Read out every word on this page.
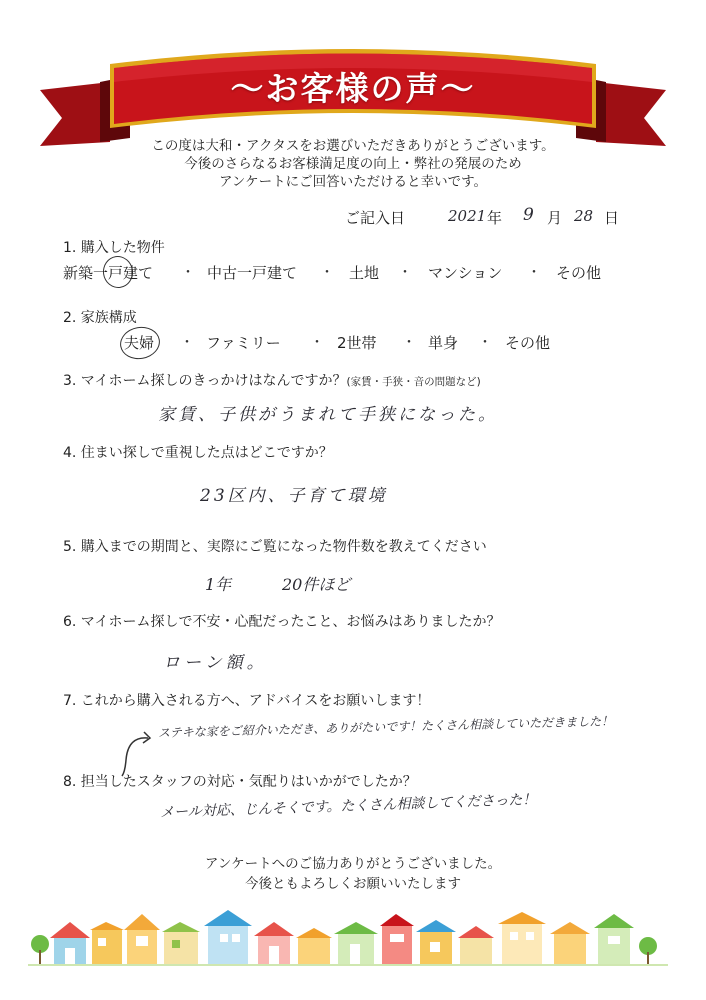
～お客様の声～
この度は大和・アクタスをお選びいただきありがとうございます。
今後のさらなるお客様満足度の向上・弊社の発展のため
アンケートにご回答いただけると幸いです。
ご記入日	2021 年 9 月 28 日
1. 購入した物件
新築一戸建て ・ 中古一戸建て ・ 土地 ・ マンション ・ その他
2. 家族構成
夫婦 ・ ファミリー ・ 2世帯 ・ 単身 ・ その他
3. マイホーム探しのきっかけはなんですか？(家賃・手狭・音の問題など)
家賃、子供がうまれて手狭になった。
4. 住まい探しで重視した点はどこですか？
23区内、子育て環境
5. 購入までの期間と、実際にご覧になった物件数を教えてください
1年	20件ほど
6. マイホーム探しで不安・心配だったこと、お悩みはありましたか？
ローン額。
7. これから購入される方へ、アドバイスをお願いします！
ステキな家をご紹介いただき、ありがたいです！たくさん相談していただきました！
8. 担当したスタッフの対応・気配りはいかがでしたか？
メール対応、じんそくです。たくさん相談してくださった！
アンケートへのご協力ありがとうございました。
今後ともよろしくお願いいたします
